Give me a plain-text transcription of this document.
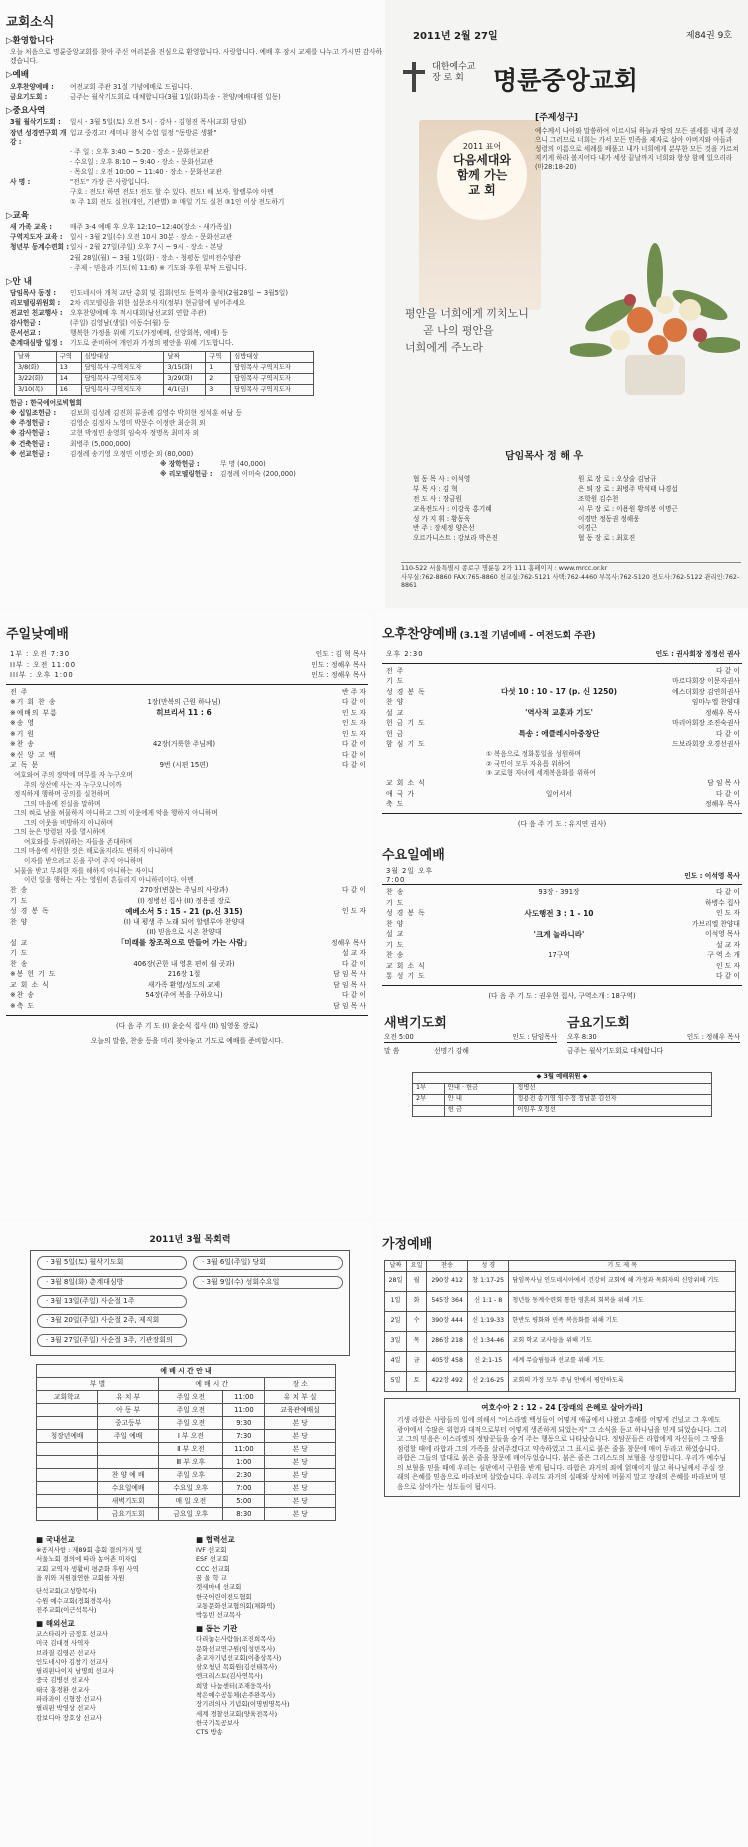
교회소식
▷환영합니다
오늘 처음으로 명륜중앙교회를 찾아 주신 여러분을 진심으로 환영합니다. 사랑합니다. 예배 후 잠시 교제를 나누고 가시면 감사하겠습니다.
▷예배
오후찬양예배 :	여전교회 주관 31절 기념예배로 드립니다.
금요기도회 :	금주는 월삭기도회로 대체합니다(3월 1일(화)특송 - 찬양/예배대원 일동)
▷중요사역
3월 월삭기도회 :	일시 - 3월 5일(토) 오전 5시 · 강사 - 김형진 목사(교회 담임)
장년 성경연구회 개강 :
입교 중경고! 세미나 참석 수업 일정 "동방론 생활"
· 주 일 : 오후 3:40 ~ 5:20 · 장소 - 문화선교관
· 수요일 : 오후 8:10 ~ 9:40 · 장소 - 문화선교관
· 목요일 : 오전 10:00 ~ 11:40 · 장소 - 문화선교관
사 명 :	"전도" 가장 큰 사랑입니다.
구호 : 전도! 하면 전도! 전도 할 수 있다. 전도! 해 보자. 할렐루야 아멘
① 주 1회 전도 실천(개인, 기관별) ② 매일 기도 실천 ③1인 이상 전도하기
▷교육
새 가족 교육 :	매주 3-4 예배 후 오후 12:10~12:40(장소 - 새가족실)
구역지도자 교육 :	일시 - 3월 2일(수) 오전 10시 30분 · 장소 - 문화선교관
청년부 동계수련회 : 일시 - 2월 27일(주일) 오후 7시 ~ 9시 · 장소 - 본당
2월 28일(월) ~ 3월 1일(화) · 장소 - 청평동 일비전수양관
· 주제 - 믿음과 기도(히 11:6) ※ 기도와 후원 부탁 드립니다.
▷안 내
담임목사 동정 :	인도네시아 개척 교단 총회 및 집회(인도 동역자 출석)(2월28일 ~ 3월5일)
리모델링위원회 :	2차 리모델링을 위한 설문조사지(정부) 현금함에 넣어주세요
전교인 친교행사 :	오후찬양예배 후 적시대회(남선교회 연합 주관)
감사헌금 :	(주일) 김영남(생일) 이동수(월) 등
문서선교 :	행복한 가정을 위해 기도(가정예배, 신앙회복, 예배) 등
춘계대심방 일정 :	기도로 준비하여 개인과 가정의 평안을 위해 기도합니다.
날짜	구역	심방대상	날짜	구역	심방대상
3/8(화)	13	담임목사 구역지도자	3/15(화)	1	담임목사 구역지도자
3/22(화)	14	담임목사 구역지도자	3/29(화)	2	담임목사 구역지도자
3/10(목)	16	담임목사 구역지도자	4/1(금)	3	담임목사 구역지도자
헌금 : 한국에어로빅협회
※ 십일조헌금 :	김보희 김성례 김진희 류종례 김영수 박희현 정석훈 허남 등
※ 주정헌금 :	김영순 김정자 노영미 박문수 이정란 최순희 외
※ 감사헌금 :	고현 박정민 송영희 임숙자 정명옥 최미자 외
※ 건축헌금 :	최병주 (5,000,000)
※ 선교헌금 :	김정례 송기영 오정민 이명순 외 (80,000)
※ 장학헌금 :	무 명 (40,000)
※ 리모델링헌금 :	김정례 이미숙 (200,000)
2011년 2월 27일	제84권 9호
대한예수교
장 로 회	명륜중앙교회
2011 표어
다음세대와
함께 가는
교 회
[주제성구]
예수께서 나아와 말씀하여 이르시되 하늘과 땅의 모든 권세를 내게 주셨으니 그러므로 너희는 가서 모든 민족을 제자로 삼아 아버지와 아들과 성령의 이름으로 세례를 베풀고 내가 너희에게 분부한 모든 것을 가르쳐 지키게 하라 볼지어다 내가 세상 끝날까지 너희와 항상 함께 있으리라 (마28:18-20)
평안을 너희에게 끼치노니
곧 나의 평안을
너희에게 주노라
담임목사 정 해 우
협 동 목 사 : 이석영	원 로 장 로 : 오상술 김남규
부 목 사 : 김 혁	은 퇴 장 로 : 최병주 박석태 나경섭
전 도 사 : 장금원	조학원 김수천
교육전도사 : 이강욱 홍기혜	시 무 장 로 : 이용원 황의봉 이명근
성 가 지 휘 : 황동욱	이경만 정동권 정해웅
반 주 : 장세정 양은선	이경근
오르가니스트 : 강보라 박은진	협 동 장 로 : 최호진
110-522 서울특별시 종로구 명륜동 2가 111 홈페이지 : www.mrcc.or.kr
사무실:762-8860 FAX:765-8860 친교실:762-5121 사택:762-4460 부목사:762-5120 전도사:762-5122 관리인:762-8861
주일낮예배
1부 : 오전 7:30	인도 : 김 혁 목사
II부 : 오전 11:00	인도 : 정해우 목사
III부 : 오후 1:00	인도 : 정해우 목사
전 주	반 주 자
※기 회 찬 송	1장(만복의 근원 하나님)	다 같 이
※예배의 부름	히브리서 11 : 6	인 도 자
※송 영	인 도 자
※기 원	인 도 자
※찬 송	42장(거룩한 주님께)	다 같 이
※신 앙 고 백	다 같 이
교 독 문	9번 (시편 15편)	다 같 이
여호와여 주의 장막에 머무를 자 누구오며
주의 성산에 사는 자 누구오니이까
정직하게 행하며 공의를 실천하며
그의 마음에 진실을 말하며
그의 혀로 남을 허물하지 아니하고 그의 이웃에게 악을 행하지 아니하며
그의 이웃을 비방하지 아니하며
그의 눈은 망령된 자를 멸시하며
여호와를 두려워하는 자들을 존대하며
그의 마음에 서원한 것은 해로울지라도 변하지 아니하며
이자를 받으려고 돈을 꾸어 주지 아니하며
뇌물을 받고 무죄한 자를 해하지 아니하는 자이니
이런 일을 행하는 자는 영원히 흔들리지 아니하리이다. 아멘
찬 송	270장(변찮는 주님의 사랑과)	다 같 이
기 도	(I) 정병선 집사 (II) 정용권 장로
성 경 봉 독	예베소서 5 : 15 - 21 (p.신 315)	인 도 자
찬 양	(I) 내 평생 주 노래 되어 할렐루야 찬양대
(II) 믿음으로 시온 찬양대
설 교	「미래를 창조적으로 만들어 가는 사람」	정해우 목사
기 도	설 교 자
찬 송	406장(곤한 내 영혼 편히 쉴 곳과)	다 같 이
※봉 헌 기 도	216장 1절	담 임 목 사
교 회 소 식	새가족 환영/성도의 교제	담 임 목 사
※찬 송	54장(주여 복을 구하오니)	다 같 이
※축 도	담 임 목 사
(다 음 주 기 도 (I) 윤순식 집사 (II) 임영웅 장로)
오늘의 말씀, 찬송 등을 미리 찾아놓고 기도로 예배를 준비합시다.
오후찬양예배 (3.1절 기념예배 - 여전도회 주관)
오후 2:30	인도 : 권사회장 정정선 권사
전 주	다 같 이
기 도	마르다회장 이문자권사
성 경 봉 독	다섯 10 : 10 - 17 (p. 신 1250)	에스더회장 김연희권사
찬 양	임마누엘 찬양대
설 교	'역사적 교훈과 기도'	정해우 목사
헌 금 기 도	마리아회장 조진숙권사
헌 금	특송 : 에클레시아중창단	다 같 이
함 심 기 도	드보라회장 오경선권사
① 복음으로 정화통일을 성원하며
② 국민이 모두 자유롭 위하여
③ 교로형 자녀에 세계복음화를 위하여
교 회 소 식	담 임 목 사
애 국 가	일어서서	다 같 이
축 도	정해우 목사
(다 음 주 기 도 : 유지연 권사)
수요일예배
3월 2일 오후 7:00
인도 : 이석영 목사
찬 송	93장 · 391장	다 같 이
기 도	하병수 집사
성 경 봉 독	사도행전 3 : 1 - 10	인 도 자
찬 양	가브리엘 찬양대
설 교	'크게 놀라니라'	이석영 목사
기 도	설 교 자
찬 송	17구역	구 역 소 개
교 회 소 식	인 도 자
통 성 기 도	다 같 이
(다 음 주 기 도 : 권우현 집사, 구역소개 : 18구역)
새벽기도회
오전 5:00	인도 : 담임목사
말 씀	선명기 강해
금요기도회
오후 8:30	인도 : 정해우 목사
금주는 월삭기도회로 대체합니다
◆ 3월 예배위원 ◆		
1부	안내 · 헌금	정병선
2부	안 내	정용전 송기영 임수정 정남문 김선자
	헌 금	이임우 오정선
2011년 3월 목회력
· 3월 5일(토) 월삭기도회	· 3월 6일(주일) 당회
· 3월 8일(화) 춘계대심방	· 3월 9일(수) 성회수요일
· 3월 13일(주일) 사순절 1주
· 3월 20일(주일) 사순절 2주, 제직회
· 3월 27일(주일) 사순절 3주, 기관장회의
예 배 시 간 안 내				
부 별		예 배 시 간		장 소
교회학교	유 치 부	주일 오전	11:00	유 치 부 실
	아 동 부	주일 오전	11:00	교육관예배실
	중고등부	주일 오전	9:30	본 당
청장년예배	주일 예배	Ⅰ 부 오전	7:30	본 당
		Ⅱ 부 오전	11:00	본 당
		Ⅲ 부 오후	1:00	본 당
	찬 양 예 배	주일 오후	2:30	본 당
	수요일예배	수요일 오후	7:00	본 당
	새벽기도회	매 일 오전	5:00	본 당
	금요기도회	금요일 오후	8:30	본 당
■ 국내선교
※공지사항 : 제89회 총회 결의가지 및
서울노회 결의에 따라 농어촌 미자립
교회 교역자 생활비 평준화 후원 사역
을 위와 지원결연한 교회를 자원
단석교회(고성향목사)
수원 예수교회(정회경목사)
진주교회(이근석목사)
■ 해외선교
코스타리카 금정호 선교사
미국 김대경 사역자
브라질 김영곤 선교사
인도네시아 김창기 선교사
필리핀나이지 남명희 선교사
중국 김병선 선교사
태국 홍경환 선교사
파라과이 신형장 선교사
필리핀 박영상 선교사
캄보디아 장호상 선교사
■ 협력선교
IVF 선교회
ESF 선교회
CCC 선교회
꿈 울 학 교
겟세마네 선교회
한국어린이전도협회
교통문화선교협의회(채화역)
박동빈 선교목사
■ 돕는 기관
다리놓는사람들(조진희목사)
문화선교연구원(임성빈목사)
춘교자기념선교회(이충상목사)
삼오청년 목회원(김선태목사)
엔크리스토(김사연목사)
희망 나눔센터(조재웅목사)
착은예수공동체(손주완목사)
장기려의사 기념회(이명범명목사)
세계 경찰선교회(양육전목사)
한국기독공보사
CTS 방송
가정예배
날짜	요일	찬송	성 경	기 도 제 목
28일	월	290장 412	창 1:17-25	담임목사님 인도네시아에서 건강히 교회에 해 가정과 목회자의 신앙위해 기도
1일	화	545장 364	신 1:1 - 8	청년들 동계수련회 통한 영혼의 회복을 위해 기도
2일	수	390장 444	신 1:19-33	한반도 평화와 민족 복음화를 위해 기도
3일	목	286장 218	신 1:34-46	교회 학교 교사들을 위해 기도
4일	금	405장 458	신 2:1-15	세계 무슬림들과 선교를 위해 기도
5일	토	422장 492	신 2:16-25	교회의 가정 모두 주님 안에서 평안하도록
여호수아 2 : 12 - 24 [장래의 은혜로 살아가라]
기생 라합은 사람들의 일에 의해서 "이스라엘 백성들이 어떻게 애굽에서 나왔고 홍해를 어떻게 건넜고 그 후에도 광야에서 수많은 위험과 대적으로부터 어떻게 생존하게 되었는지" 그 소식을 듣고 하나님을 믿게 되었습니다. 그리고 그의 믿음은 이스라엘의 정탐꾼들을 숨겨 주는 행동으로 나타났습니다. 정탐꾼들은 라합에게 자신들이 그 땅을 점령할 때에 라합과 그의 가족을 살려주겠다고 약속하였고 그 표시로 붉은 줄을 창문에 매어 두라고 하였습니다. 라합은 그들의 말대로 붉은 줄을 창문에 매어두었습니다. 붉은 줄은 그리스도의 보혈을 상징합니다. 우리가 예수님의 보혈을 믿을 때에 우리는 심판에서 구원을 받게 됩니다. 라합은 과거의 죄에 얽매이지 않고 하나님께서 주실 장래의 은혜를 믿음으로 바라보며 살았습니다. 우리도 과거의 실패와 상처에 머물지 말고 장래의 은혜를 바라보며 믿음으로 살아가는 성도들이 됩시다.
